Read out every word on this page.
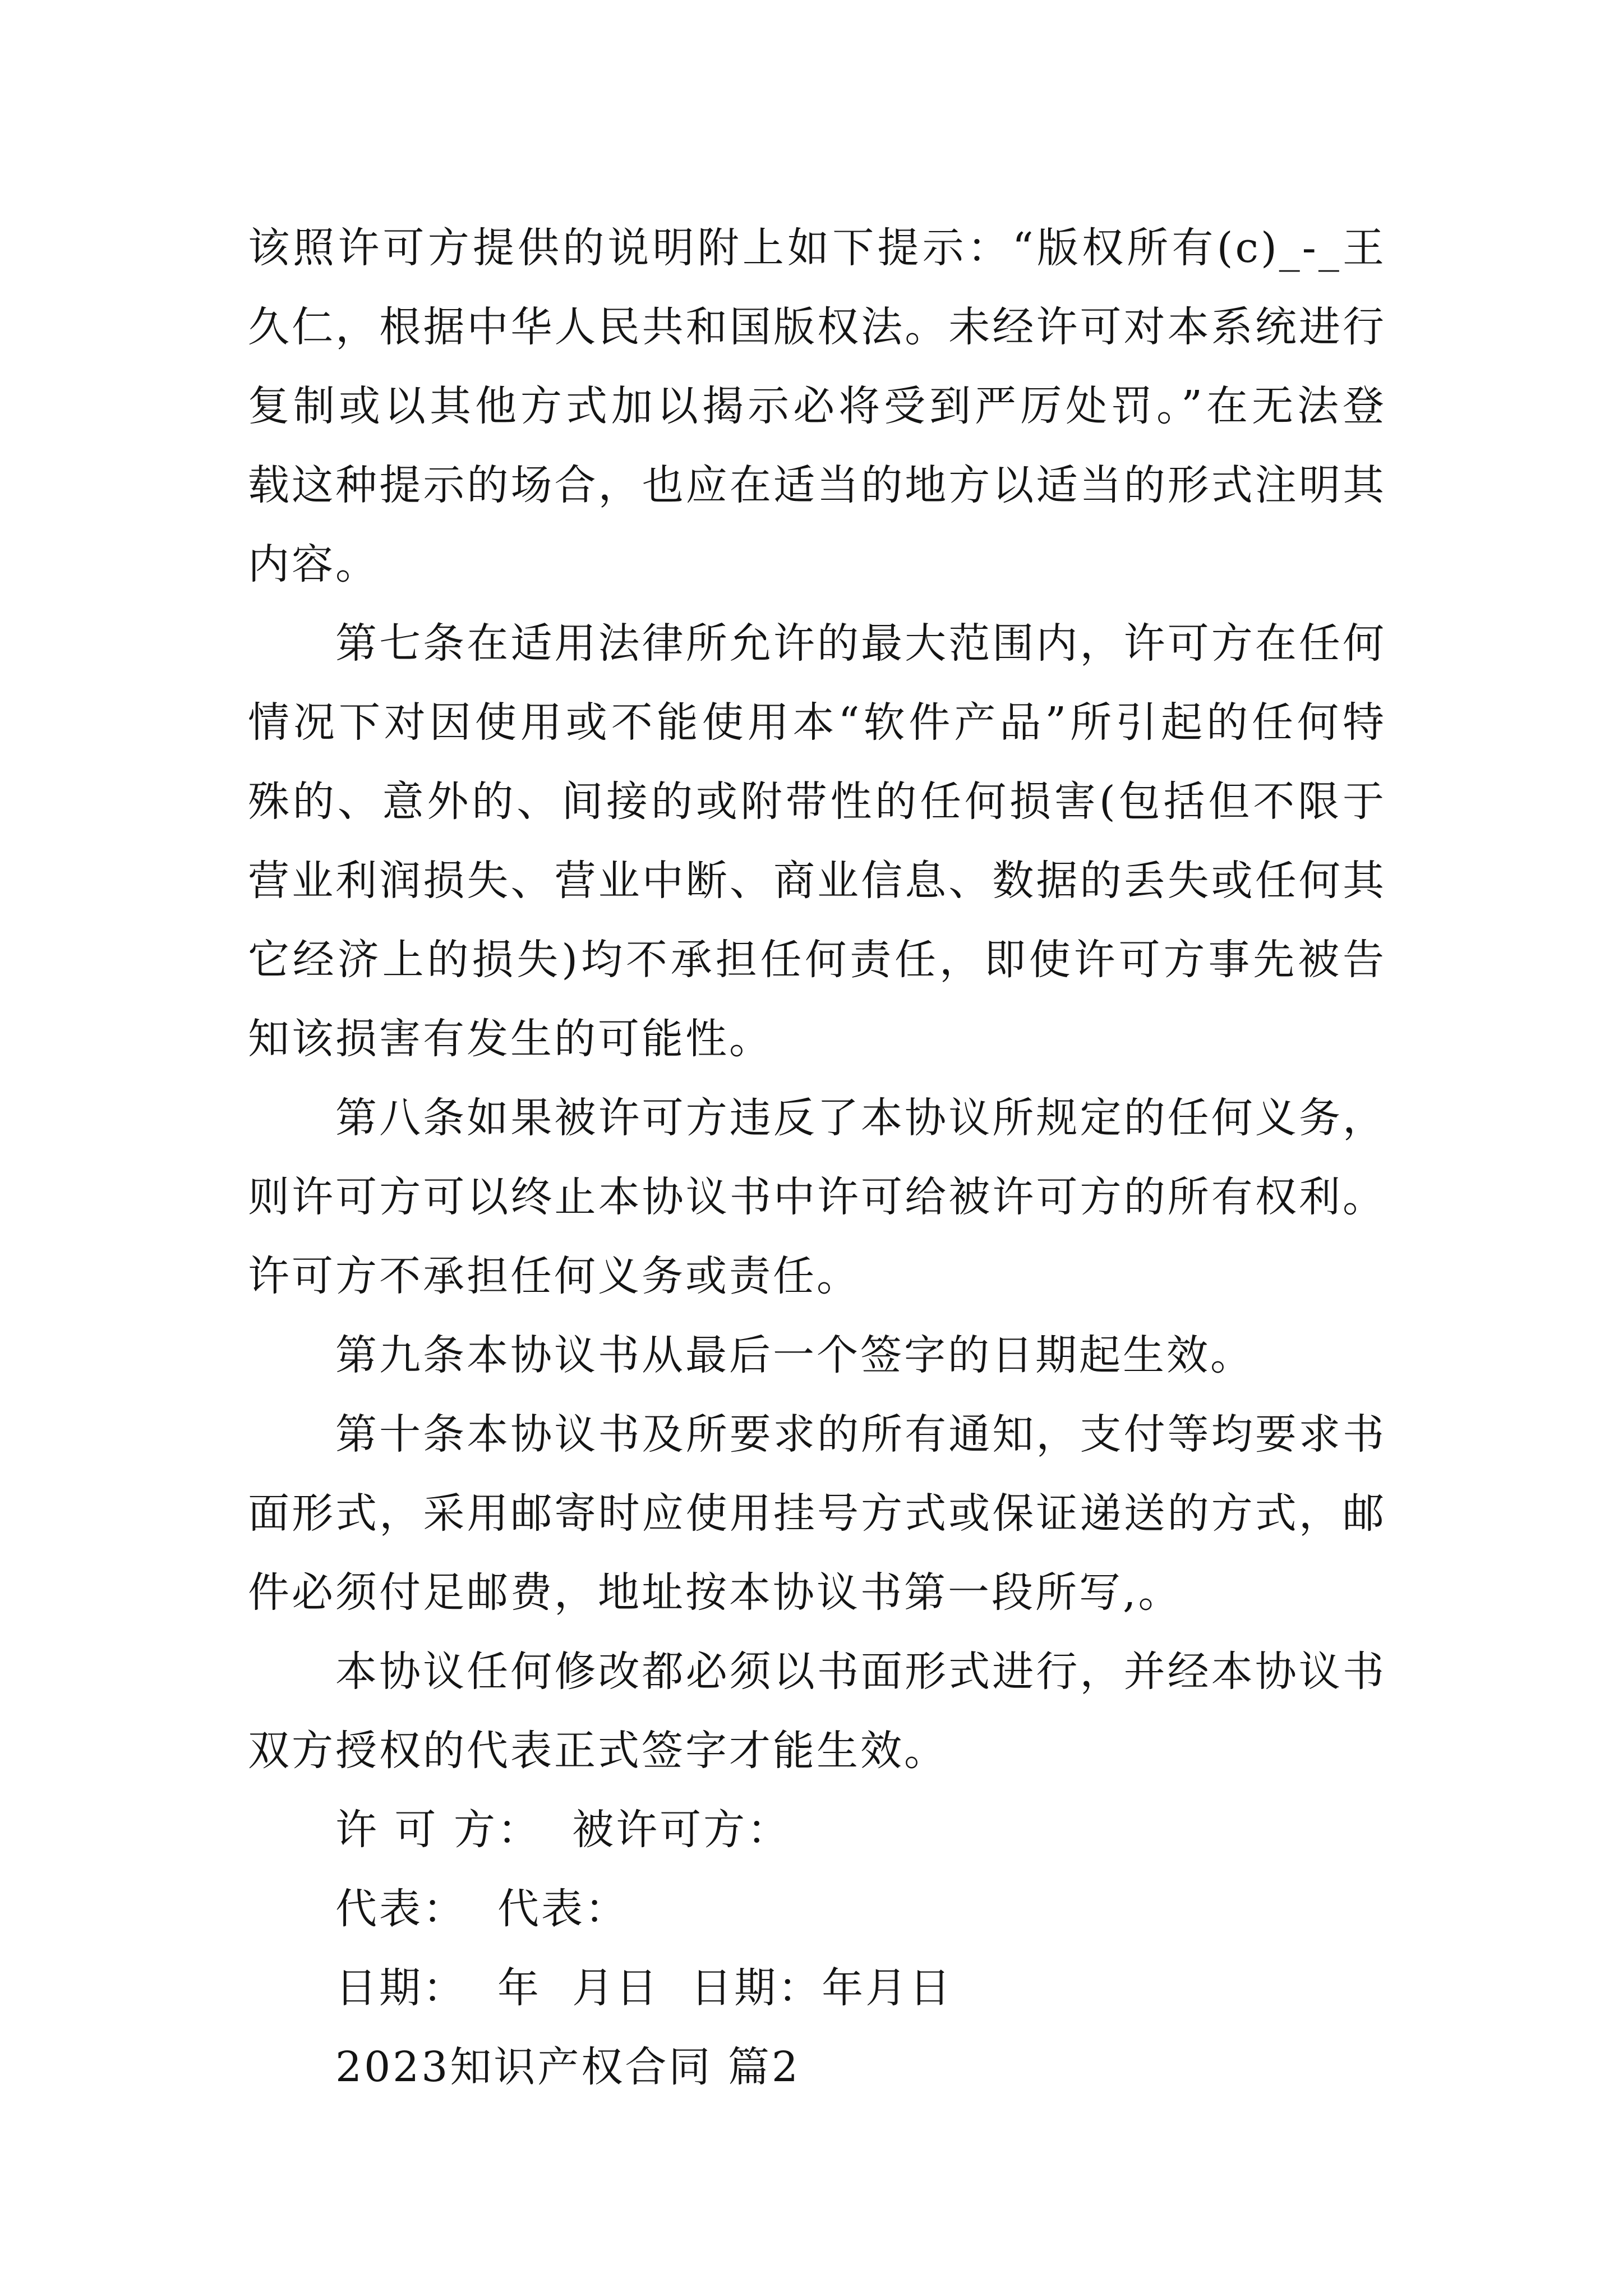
该照许可方提供的说明附上如下提示：“版权所有(c)_-_王久仁，根据中华人民共和国版权法。未经许可对本系统进行复制或以其他方式加以揭示必将受到严厉处罚。”在无法登载这种提示的场合，也应在适当的地方以适当的形式注明其内容。

第七条在适用法律所允许的最大范围内，许可方在任何情况下对因使用或不能使用本“软件产品”所引起的任何特殊的、意外的、间接的或附带性的任何损害(包括但不限于营业利润损失、营业中断、商业信息、数据的丢失或任何其它经济上的损失)均不承担任何责任，即使许可方事先被告知该损害有发生的可能性。

第八条如果被许可方违反了本协议所规定的任何义务，则许可方可以终止本协议书中许可给被许可方的所有权利。许可方不承担任何义务或责任。

第九条本协议书从最后一个签字的日期起生效。

第十条本协议书及所要求的所有通知，支付等均要求书面形式，采用邮寄时应使用挂号方式或保证递送的方式，邮件必须付足邮费，地址按本协议书第一段所写,。

本协议任何修改都必须以书面形式进行，并经本协议书双方授权的代表正式签字才能生效。

许 可 方：  被许可方：

代表：  代表：

日期：  年  月日  日期：年月日

2023知识产权合同 篇2
